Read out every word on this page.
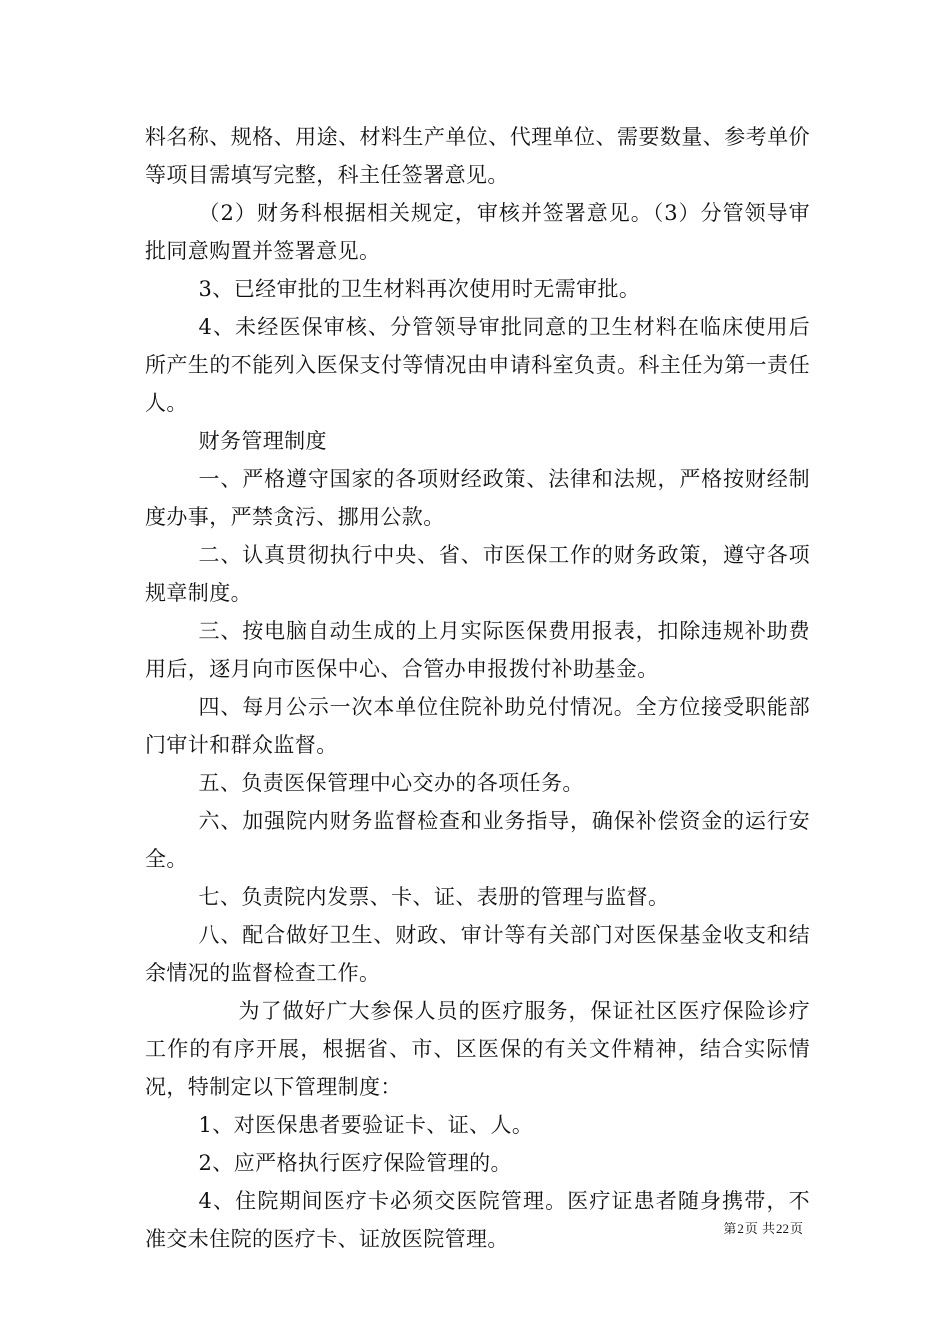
料名称、规格、用途、材料生产单位、代理单位、需要数量、参考单价等项目需填写完整，科主任签署意见。

（2）财务科根据相关规定，审核并签署意见。（3）分管领导审批同意购置并签署意见。

3、已经审批的卫生材料再次使用时无需审批。

4、未经医保审核、分管领导审批同意的卫生材料在临床使用后所产生的不能列入医保支付等情况由申请科室负责。科主任为第一责任人。

财务管理制度

一、严格遵守国家的各项财经政策、法律和法规，严格按财经制度办事，严禁贪污、挪用公款。

二、认真贯彻执行中央、省、市医保工作的财务政策，遵守各项规章制度。

三、按电脑自动生成的上月实际医保费用报表，扣除违规补助费用后，逐月向市医保中心、合管办申报拨付补助基金。

四、每月公示一次本单位住院补助兑付情况。全方位接受职能部门审计和群众监督。

五、负责医保管理中心交办的各项任务。

六、加强院内财务监督检查和业务指导，确保补偿资金的运行安全。

七、负责院内发票、卡、证、表册的管理与监督。

八、配合做好卫生、财政、审计等有关部门对医保基金收支和结余情况的监督检查工作。

为了做好广大参保人员的医疗服务，保证社区医疗保险诊疗工作的有序开展，根据省、市、区医保的有关文件精神，结合实际情况，特制定以下管理制度：

1、对医保患者要验证卡、证、人。

2、应严格执行医疗保险管理的。

4、住院期间医疗卡必须交医院管理。医疗证患者随身携带，不准交未住院的医疗卡、证放医院管理。	第2页 共22页
